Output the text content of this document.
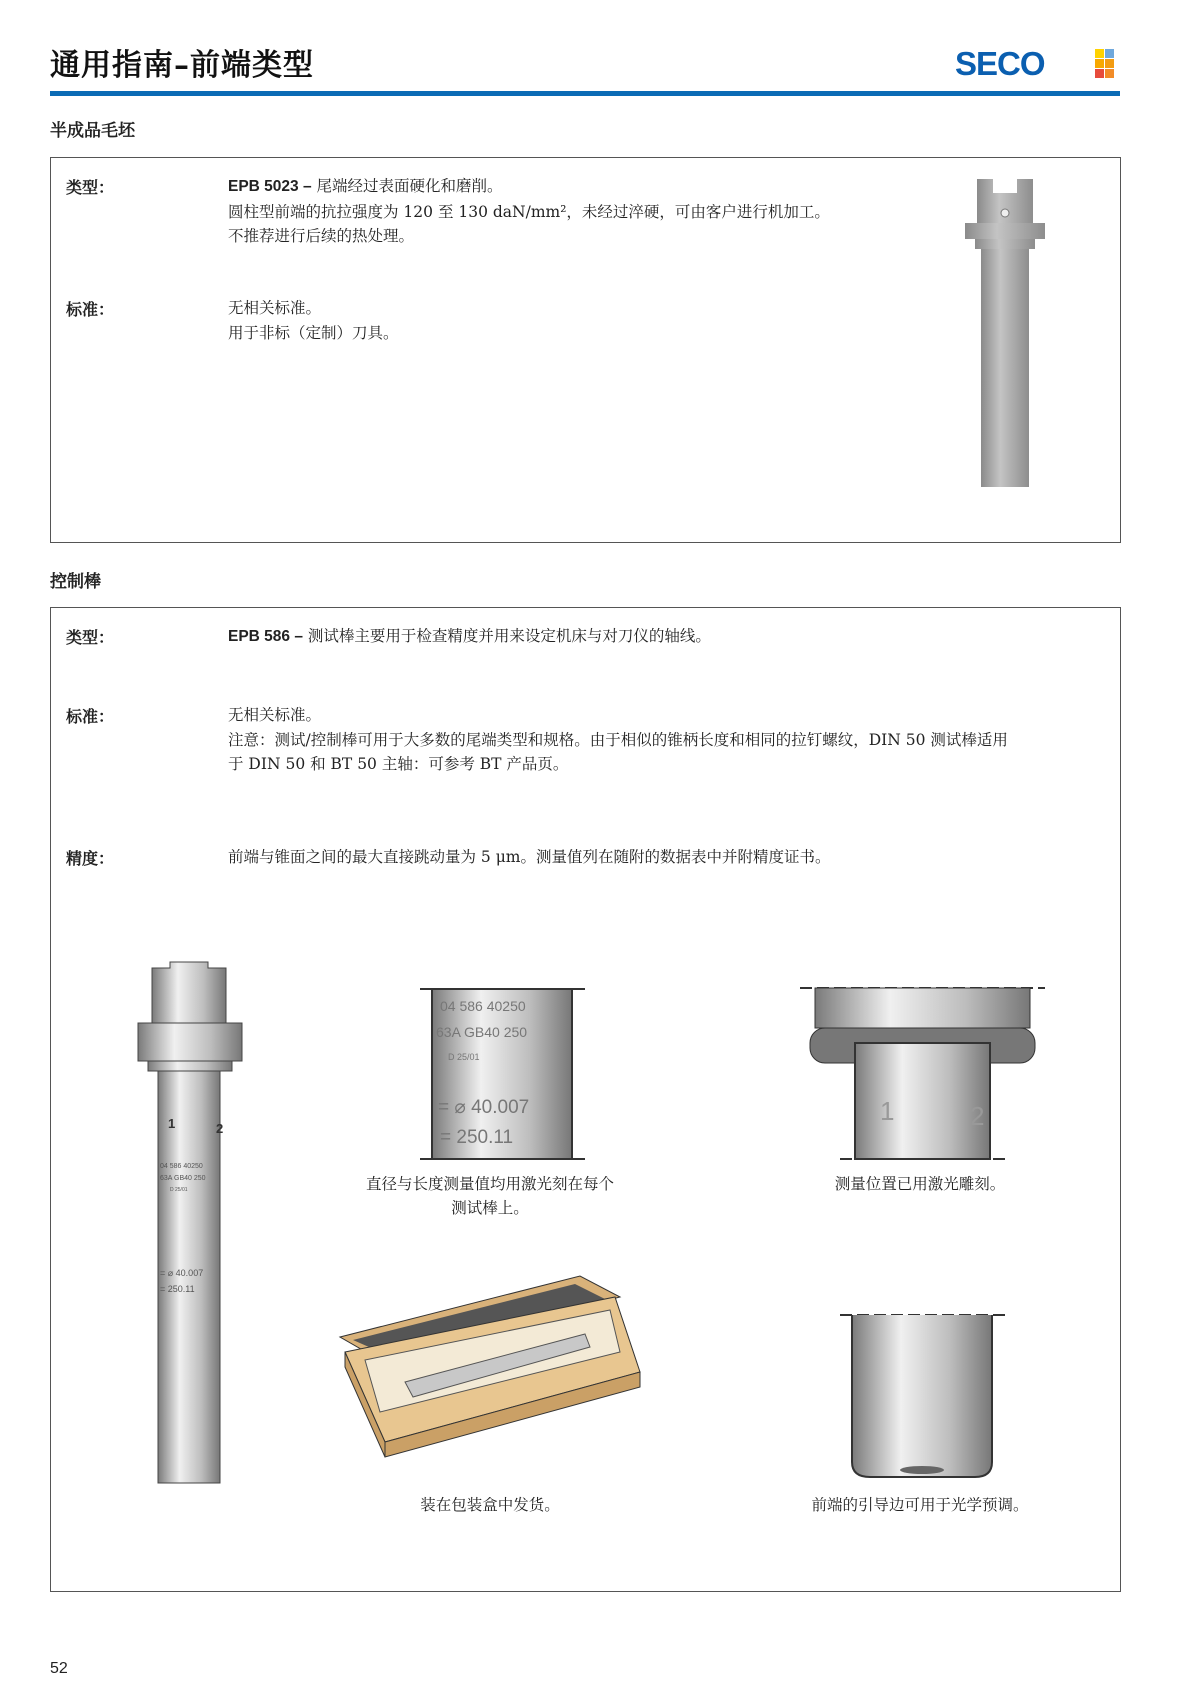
通用指南–前端类型	SECO
半成品毛坯
类型：	EPB 5023 – 尾端经过表面硬化和磨削。
圆柱型前端的抗拉强度为 120 至 130 daN/mm²，未经过淬硬，可由客户进行机加工。
不推荐进行后续的热处理。
标准：	无相关标准。
用于非标（定制）刀具。
控制棒
类型：	EPB 586 – 测试棒主要用于检查精度并用来设定机床与对刀仪的轴线。
标准：	无相关标准。
注意：测试/控制棒可用于大多数的尾端类型和规格。由于相似的锥柄长度和相同的拉钉螺纹，DIN 50 测试棒适用
于 DIN 50 和 BT 50 主轴：可参考 BT 产品页。
精度：	前端与锥面之间的最大直接跳动量为 5 μm。测量值列在随附的数据表中并附精度证书。
1	2
04 586 40250
63A GB40 250
D 25/01
= ⌀ 40.007
= 250.11
04 586 40250
63A GB40 250
D 25/01
= ⌀ 40.007
= 250.11
直径与长度测量值均用激光刻在每个
测试棒上。
1	2
测量位置已用激光雕刻。
装在包装盒中发货。	前端的引导边可用于光学预调。
52
